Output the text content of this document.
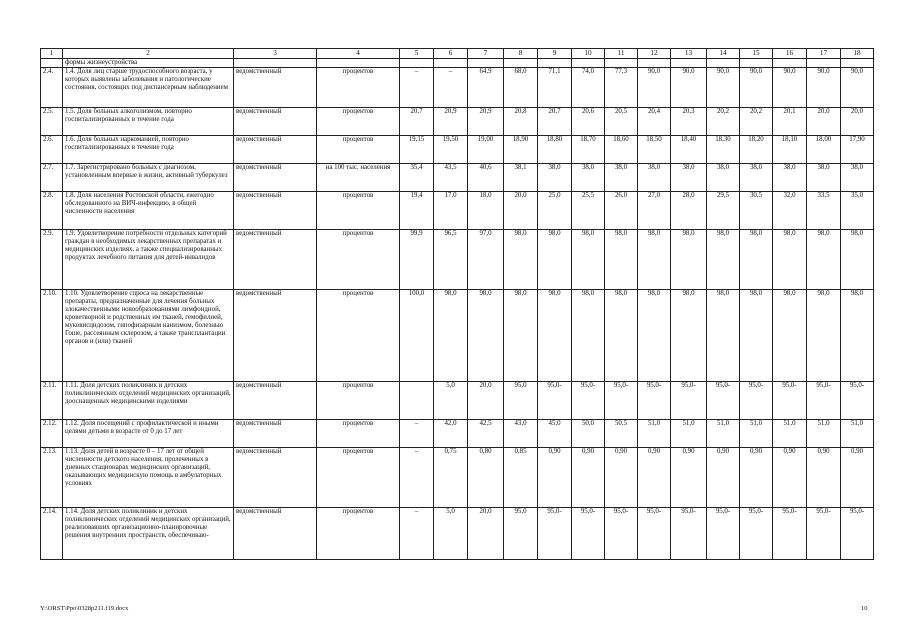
1	2	3	4	5	6	7	8	9	10	11	12	13	14	15	16	17	18
	формы жизнеустройства																
2.4.	1.4. Доля лиц старше трудоспособного возраста, у которых выявлены заболевания и патологические состояния, состоящих под диспансерным наблюдением	ведомственный	процентов	–	–	64,9	68,0	71,1	74,0	77,3	90,0	90,0	90,0	90,0	90,0	90,0	90,0
2.5.	1.5. Доля больных алкоголизмом, повторно госпитализированных в течение года	ведомственный	процентов	20,7	20,9	20,9	20,8	20,7	20,6	20,5	20,4	20,3	20,2	20,2	20,1	20,0	20,0
2.6.	1.6. Доля больных наркоманией, повторно госпитализированных в течение года	ведомственный	процентов	19,15	19,50	19,00	18,90	18,80	18,70	18,60	18,50	18,40	18,30	18,20	18,10	18,00	17,90
2.7.	1.7. Зарегистрировано больных с диагнозом, установленным впервые в жизни, активный туберкулез	ведомственный	на 100 тыс. населения	35,4	43,5	40,6	38,1	38,0	38,0	38,0	38,0	38,0	38,0	38,0	38,0	38,0	38,0
2.8.	1.8. Доля населения Ростовской области, ежегодно обследованного на ВИЧ-инфекцию, в общей численности населения	ведомственный	процентов	19,4	17,0	18,0	20,0	25,0	25,5	26,0	27,0	28,0	29,5	30,5	32,0	33,5	35,0
2.9.	1.9. Удовлетворение потребности отдельных категорий граждан в необходимых лекарственных препаратах и медицинских изделиях, а также специализированных продуктах лечебного питания для детей-инвалидов	ведомственный	процентов	99,9	96,5	97,0	98,0	98,0	98,0	98,0	98,0	98,0	98,0	98,0	98,0	98,0	98,0
2.10.	1.10. Удовлетворение спроса на лекарственные препараты, предназначенные для лечения больных злокачественными новообразованиями лимфоидной, кроветворной и родственных им тканей, гемофилией, муковисцидозом, гипофизарным нанизмом, болезнью Гоше, рассеянным склерозом, а также трансплантации органов и (или) тканей	ведомственный	процентов	100,0	98,0	98,0	98,0	98,0	98,0	98,0	98,0	98,0	98,0	98,0	98,0	98,0	98,0
2.11.	1.11. Доля детских поликлиник и детских поликлинических отделений медицинских организаций, дооснащенных медицинскими изделиями	ведомственный	процентов		5,0	20,0	95,0	95,0-	95,0-	95,0-	95,0-	95,0-	95,0-	95,0-	95,0-	95,0-	95,0-
2.12.	1.12. Доля посещений с профилактической и иными целями детьми в возрасте от 0 до 17 лет	ведомственный	процентов	–	42,0	42,5	43,0	45,0	50,0	50,5	51,0	51,0	51,0	51,0	51,0	51,0	51,0
2.13.	1.13. Доля детей в возрасте 0 – 17 лет от общей численности детского населения, пролеченных в дневных стационарах медицинских организаций, оказывающих медицинскую помощь в амбулаторных условиях	ведомственный	процентов	–	0,75	0,80	0,85	0,90	0,90	0,90	0,90	0,90	0,90	0,90	0,90	0,90	0,90
2.14.	1.14. Доля детских поликлиник и детских поликлинических отделений медицинских организаций, реализовавших организационно-планировочные решения внутренних пространств, обеспечиваю-	ведомственный	процентов	–	5,0	20,0	95,0	95,0-	95,0-	95,0-	95,0-	95,0-	95,0-	95,0-	95,0-	95,0-	95,0-
Y:\ORST\Ppo\0328p211.f19.docx	10
